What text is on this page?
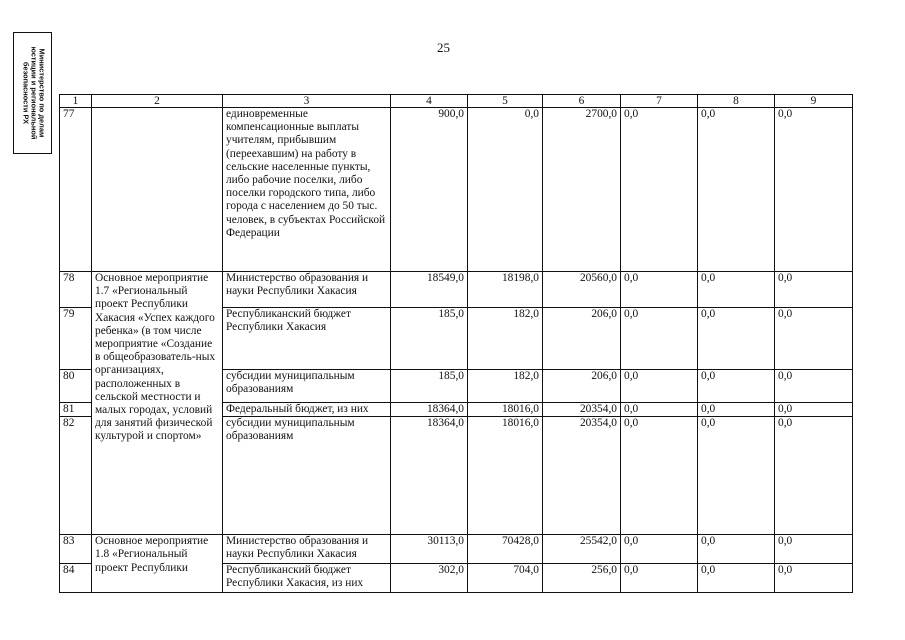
25
Министерство по делам
юстиции и региональной
безопасности РХ	1	2	3	4	5	6	7	8	9
77		единовременные компенсационные выплаты учителям, прибывшим (переехавшим) на работу в сельские населенные пункты, либо рабочие поселки, либо поселки городского типа, либо города с населением до 50 тыс. человек, в субъектах Российской Федерации	900,0	0,0	2700,0	0,0	0,0	0,0
78	Основное мероприятие 1.7 «Региональный проект Республики Хакасия «Успех каждого ребенка» (в том числе мероприятие «Создание в общеобразователь-ных организациях, расположенных в сельской местности и малых городах, условий для занятий физической культурой и спортом»	Министерство образования и науки Республики Хакасия	18549,0	18198,0	20560,0	0,0	0,0	0,0
79		Республиканский бюджет Республики Хакасия	185,0	182,0	206,0	0,0	0,0	0,0
80		субсидии муниципальным образованиям	185,0	182,0	206,0	0,0	0,0	0,0
81		Федеральный бюджет, из них	18364,0	18016,0	20354,0	0,0	0,0	0,0
82		субсидии муниципальным образованиям	18364,0	18016,0	20354,0	0,0	0,0	0,0
83	Основное мероприятие 1.8 «Региональный проект Республики	Министерство образования и науки Республики Хакасия	30113,0	70428,0	25542,0	0,0	0,0	0,0
84		Республиканский бюджет Республики Хакасия, из них	302,0	704,0	256,0	0,0	0,0	0,0
